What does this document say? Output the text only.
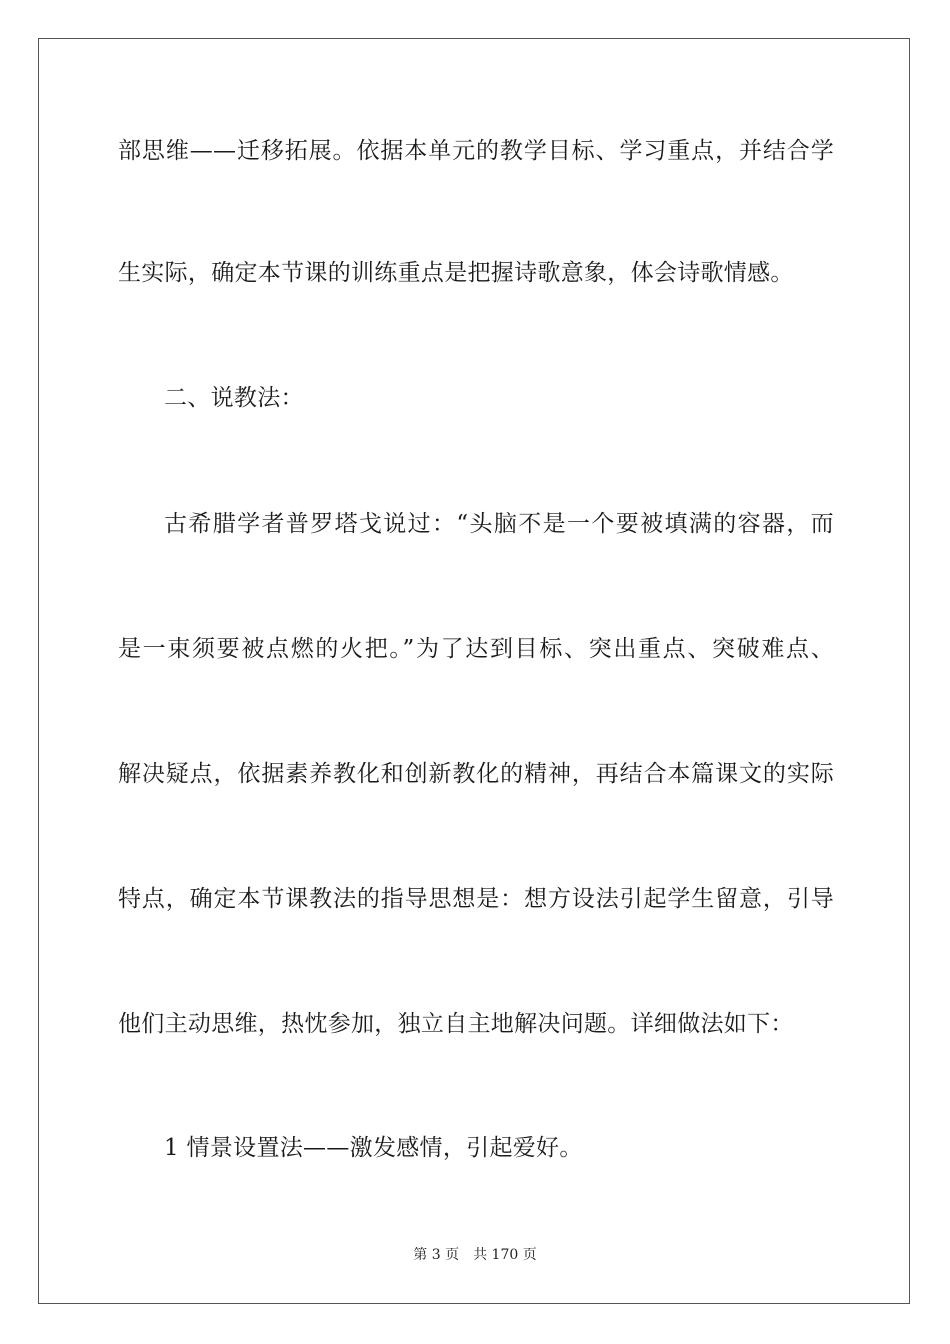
部思维——迁移拓展。依据本单元的教学目标、学习重点，并结合学
生实际，确定本节课的训练重点是把握诗歌意象，体会诗歌情感。
二、说教法：
古希腊学者普罗塔戈说过：“头脑不是一个要被填满的容器，而
是一束须要被点燃的火把。”为了达到目标、突出重点、突破难点、
解决疑点，依据素养教化和创新教化的精神，再结合本篇课文的实际
特点，确定本节课教法的指导思想是：想方设法引起学生留意，引导
他们主动思维，热忱参加，独立自主地解决问题。详细做法如下：
1 情景设置法——激发感情，引起爱好。
第 3 页 共 170 页
